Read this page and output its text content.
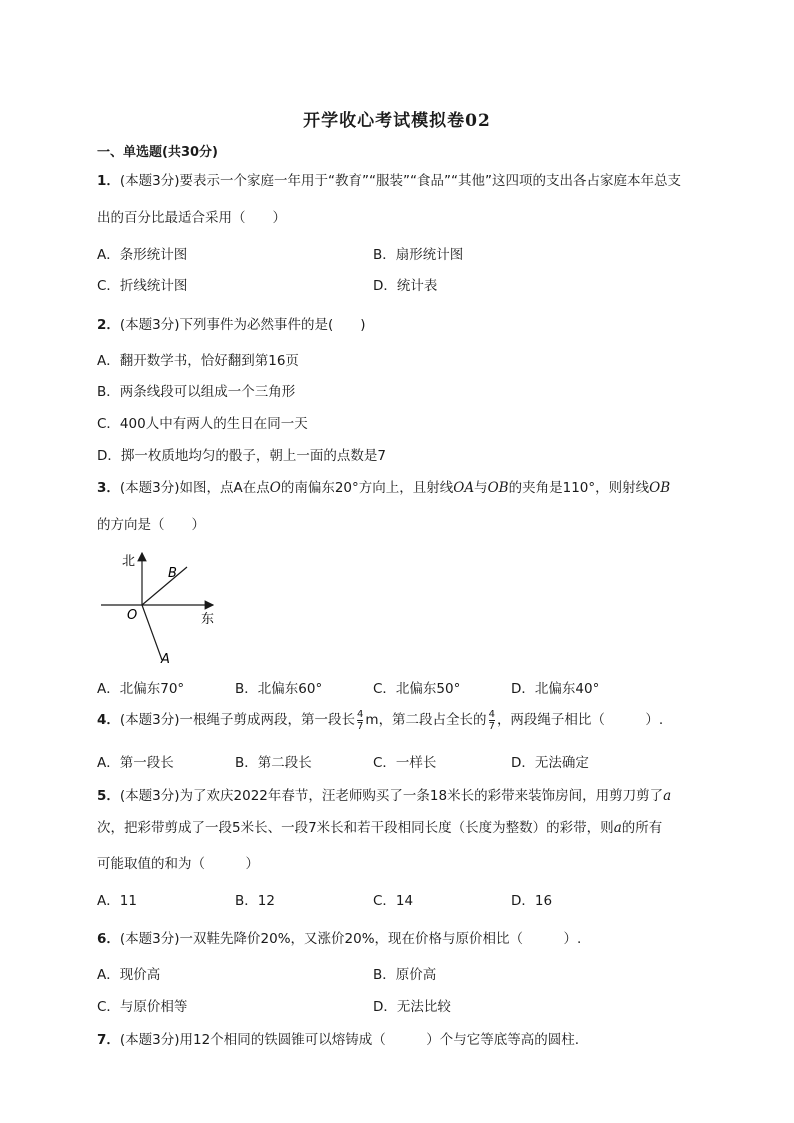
开学收心考试模拟卷02
一、单选题(共30分)
1．(本题3分)要表示一个家庭一年用于“教育”“服装”“食品”“其他”这四项的支出各占家庭本年总支
出的百分比最适合采用（　　）
A．条形统计图	B．扇形统计图
C．折线统计图	D．统计表
2．(本题3分)下列事件为必然事件的是(　　)
A．翻开数学书，恰好翻到第16页
B．两条线段可以组成一个三角形
C．400人中有两人的生日在同一天
D．掷一枚质地均匀的骰子，朝上一面的点数是7
3．(本题3分)如图，点A在点O的南偏东20°方向上，且射线OA与OB的夹角是110°，则射线OB
的方向是（　　）
北
东
O
B
A
A．北偏东70°	B．北偏东60°	C．北偏东50°	D．北偏东40°
4．(本题3分)一根绳子剪成两段，第一段长 $\frac{4}{7}$ m，第二段占全长的 $\frac{4}{7}$ ，两段绳子相比（　　　）.
A．第一段长	B．第二段长	C．一样长	D．无法确定
5．(本题3分)为了欢庆2022年春节，汪老师购买了一条18米长的彩带来装饰房间，用剪刀剪了a
次，把彩带剪成了一段5米长、一段7米长和若干段相同长度（长度为整数）的彩带，则a的所有
可能取值的和为（　　　）
A．11	B．12	C．14	D．16
6．(本题3分)一双鞋先降价20%，又涨价20%，现在价格与原价相比（　　　）.
A．现价高	B．原价高
C．与原价相等	D．无法比较
7．(本题3分)用12个相同的铁圆锥可以熔铸成（　　　）个与它等底等高的圆柱.
